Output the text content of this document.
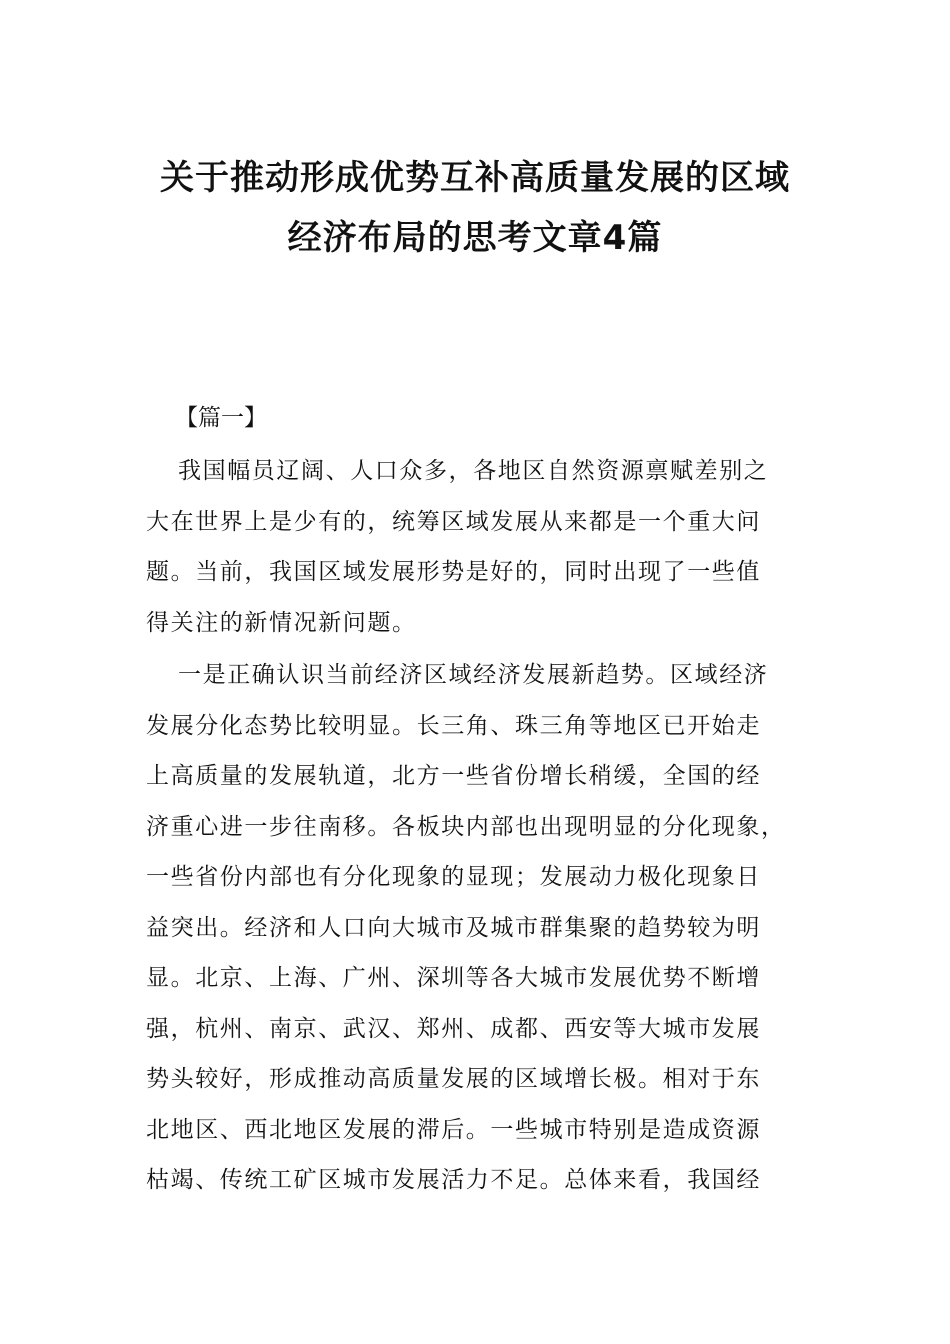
关于推动形成优势互补高质量发展的区域
经济布局的思考文章4篇
【篇一】
我国幅员辽阔、人口众多，各地区自然资源禀赋差别之
大在世界上是少有的，统筹区域发展从来都是一个重大问
题。当前，我国区域发展形势是好的，同时出现了一些值
得关注的新情况新问题。
一是正确认识当前经济区域经济发展新趋势。区域经济
发展分化态势比较明显。长三角、珠三角等地区已开始走
上高质量的发展轨道，北方一些省份增长稍缓，全国的经
济重心进一步往南移。各板块内部也出现明显的分化现象，
一些省份内部也有分化现象的显现；发展动力极化现象日
益突出。经济和人口向大城市及城市群集聚的趋势较为明
显。北京、上海、广州、深圳等各大城市发展优势不断增
强，杭州、南京、武汉、郑州、成都、西安等大城市发展
势头较好，形成推动高质量发展的区域增长极。相对于东
北地区、西北地区发展的滞后。一些城市特别是造成资源
枯竭、传统工矿区城市发展活力不足。总体来看，我国经
